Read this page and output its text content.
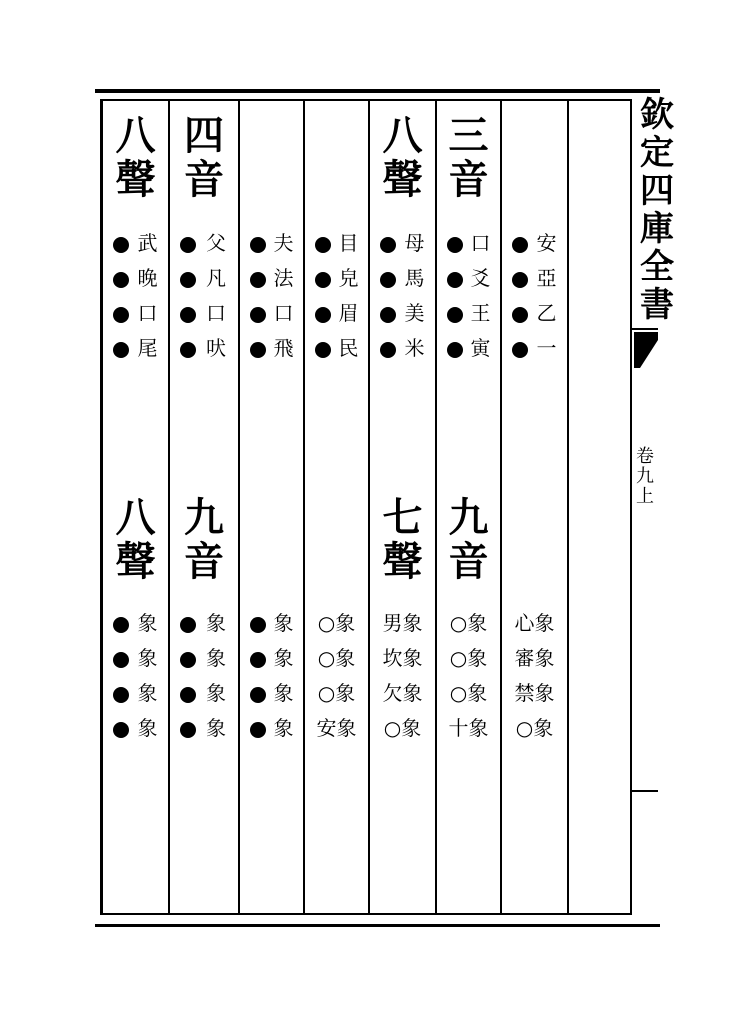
欽
定
四
庫
全
書
卷
九
上
八
聲
武
晚
口
尾
八
聲
象
象
象
象
四
音
父
凡
口
吠
九
音
象
象
象
象
夫
法
口
飛
象
象
象
象
目
皃
眉
民
○象
○象
○象
安象
八
聲
母
馬
美
米
七
聲
男象
坎象
欠象
○象
三
音
口
爻
王
寅
九
音
○象
○象
○象
十象
安
亞
乙
一
心象
審象
禁象
○象
